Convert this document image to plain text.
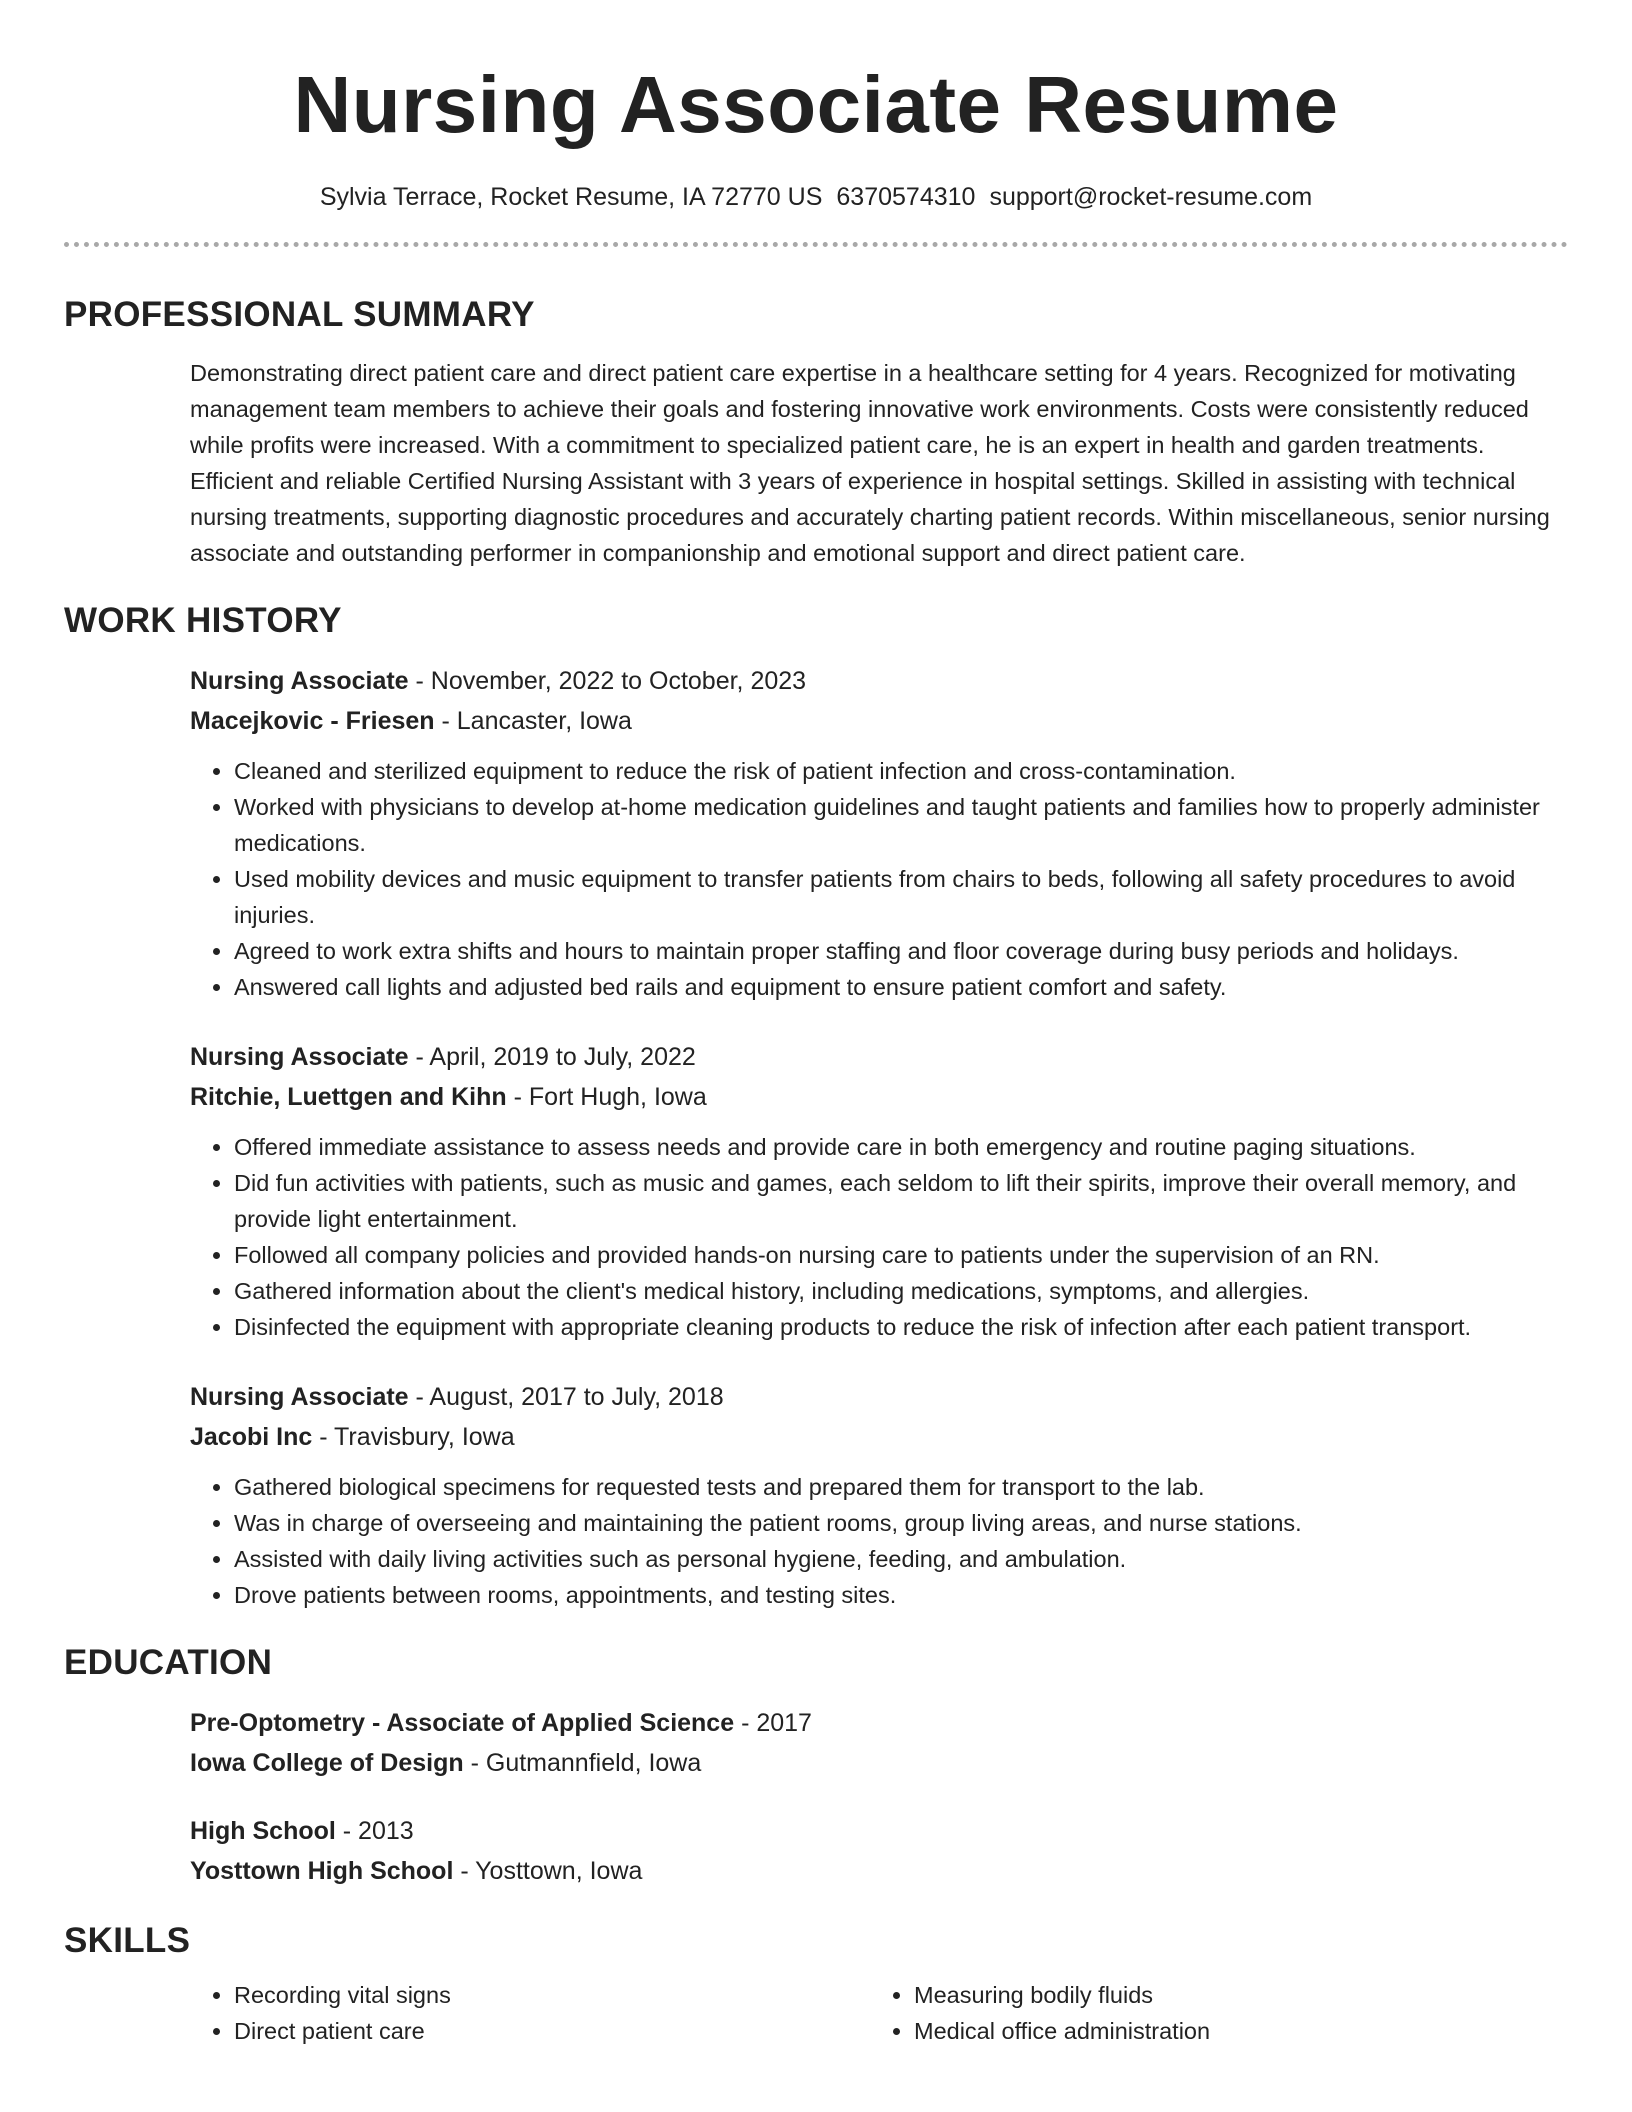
Nursing Associate Resume
Sylvia Terrace, Rocket Resume, IA 72770 US 6370574310 support@rocket-resume.com
PROFESSIONAL SUMMARY

Demonstrating direct patient care and direct patient care expertise in a healthcare setting for 4 years. Recognized for motivating management team members to achieve their goals and fostering innovative work environments. Costs were consistently reduced while profits were increased. With a commitment to specialized patient care, he is an expert in health and garden treatments. Efficient and reliable Certified Nursing Assistant with 3 years of experience in hospital settings. Skilled in assisting with technical nursing treatments, supporting diagnostic procedures and accurately charting patient records. Within miscellaneous, senior nursing associate and outstanding performer in companionship and emotional support and direct patient care.

WORK HISTORY
Nursing Associate - November, 2022 to October, 2023
Macejkovic - Friesen - Lancaster, Iowa
• Cleaned and sterilized equipment to reduce the risk of patient infection and cross-contamination.
• Worked with physicians to develop at-home medication guidelines and taught patients and families how to properly administer medications.
• Used mobility devices and music equipment to transfer patients from chairs to beds, following all safety procedures to avoid injuries.
• Agreed to work extra shifts and hours to maintain proper staffing and floor coverage during busy periods and holidays.
• Answered call lights and adjusted bed rails and equipment to ensure patient comfort and safety.
Nursing Associate - April, 2019 to July, 2022
Ritchie, Luettgen and Kihn - Fort Hugh, Iowa
• Offered immediate assistance to assess needs and provide care in both emergency and routine paging situations.
• Did fun activities with patients, such as music and games, each seldom to lift their spirits, improve their overall memory, and provide light entertainment.
• Followed all company policies and provided hands-on nursing care to patients under the supervision of an RN.
• Gathered information about the client's medical history, including medications, symptoms, and allergies.
• Disinfected the equipment with appropriate cleaning products to reduce the risk of infection after each patient transport.
Nursing Associate - August, 2017 to July, 2018
Jacobi Inc - Travisbury, Iowa
• Gathered biological specimens for requested tests and prepared them for transport to the lab.
• Was in charge of overseeing and maintaining the patient rooms, group living areas, and nurse stations.
• Assisted with daily living activities such as personal hygiene, feeding, and ambulation.
• Drove patients between rooms, appointments, and testing sites.
EDUCATION
Pre-Optometry - Associate of Applied Science - 2017
Iowa College of Design - Gutmannfield, Iowa
High School - 2013
Yosttown High School - Yosttown, Iowa
SKILLS
• Recording vital signs
• Direct patient care
• Measuring bodily fluids
• Medical office administration
